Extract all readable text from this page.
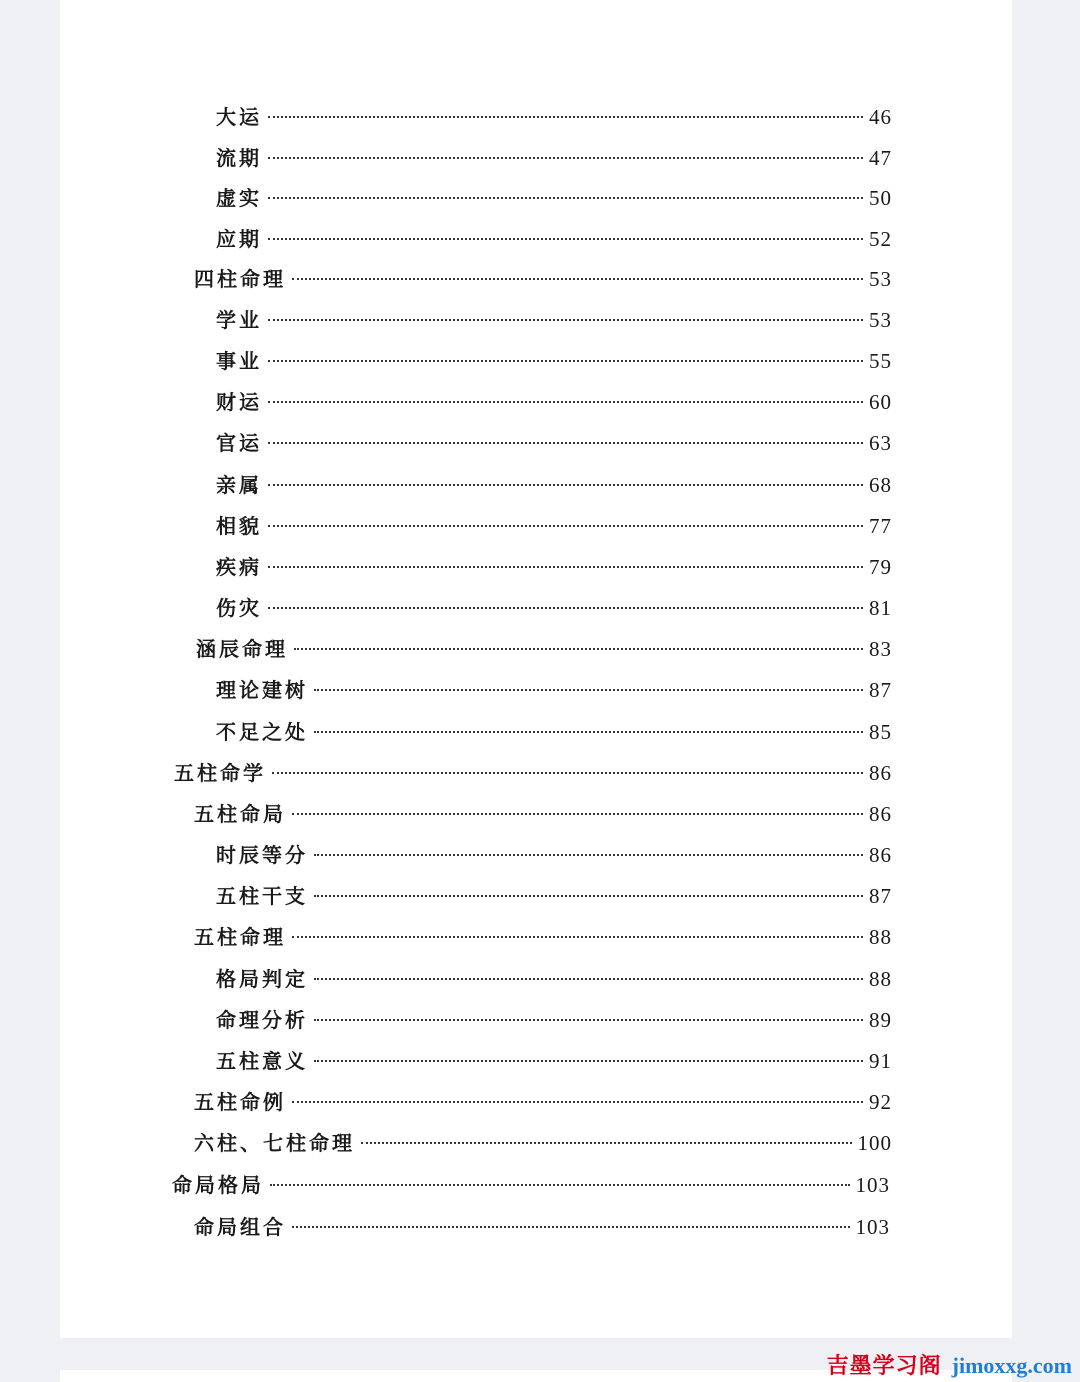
大运	46
流期	47
虚实	50
应期	52
四柱命理	53
学业	53
事业	55
财运	60
官运	63
亲属	68
相貌	77
疾病	79
伤灾	81
涵辰命理	83
理论建树	87
不足之处	85
五柱命学	86
五柱命局	86
时辰等分	86
五柱干支	87
五柱命理	88
格局判定	88
命理分析	89
五柱意义	91
五柱命例	92
六柱、七柱命理	100
命局格局	103
命局组合	103
吉墨学习阁 jimoxxg.com
